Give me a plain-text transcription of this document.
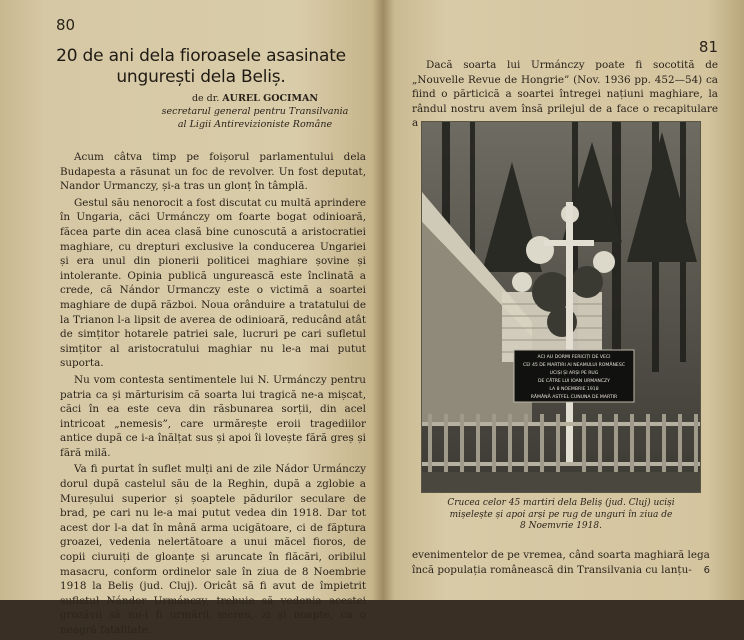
80
20 de ani dela fioroasele asasinate
ungurești dela Beliș.
de dr. AUREL GOCIMAN
secretarul general pentru Transilvania
al Ligii Antirevizioniste Române

Acum câtva timp pe foișorul parlamentului dela Budapesta a răsunat un foc de revolver. Un fost deputat, Nandor Urmanczy, și-a tras un glonț în tâmplă.

Gestul său nenorocit a fost discutat cu multă aprindere în Ungaria, căci Urmánczy om foarte bogat odinioară, făcea parte din acea clasă bine cunoscută a aristocratiei maghiare, cu drepturi exclusive la conducerea Ungariei și era unul din pionerii politicei maghiare șovine și intolerante. Opinia publică ungurească este înclinată a crede, că Nándor Urmanczy este o victimă a soartei maghiare de după război. Noua orânduire a tratatului de la Trianon l-a lipsit de averea de odinioară, reducând atât de simțitor hotarele patriei sale, lucruri pe cari sufletul simțitor al aristocratului maghiar nu le-a mai putut suporta.

Nu vom contesta sentimentele lui N. Urmánczy pentru patria ca și mărturisim că soarta lui tragică ne-a mișcat, căci în ea este ceva din răsbunarea sorții, din acel intricoat „nemesis”, care urmărește eroii tragediilor antice după ce i-a înălțat sus și apoi îi lovește fără greș și fără milă.

Va fi purtat în suflet mulți ani de zile Nádor Urmánczy dorul după castelul său de la Reghin, după a zglobie a Mureșului superior și șoaptele pădurilor seculare de brad, pe cari nu le-a mai putut vedea din 1918. Dar tot acest dor l-a dat în mână arma ucigătoare, ci de făptura groazei, vedenia nelertătoare a unui măcel fioros, de copii ciuruiți de gloanțe și aruncate în flăcări, oribilul masacru, conform ordinelor sale în ziua de 8 Noembrie 1918 la Beliș (jud. Cluj). Oricât să fi avut de împietrit sufletul Nándor Urmánczy, trebuie să vedenia acestei grozăvii să nu-l fi urmărit mereu, zi și noapte, ca o neagră fatalitate.

81

Dacă soarta lui Urmánczy poate fi socotită de „Nouvelle Revue de Hongrie” (Nov. 1936 pp. 452—54) ca fiind o părticică a soartei întregei națiuni maghiare, la rândul nostru avem însă prilejul de a face o recapitulare a

ACI AU DORMI FERICIȚI DE VECI
CEI 45 DE MARTIRI AI NEAMULUI ROMÂNESC
UCIȘI ȘI ARȘI PE RUG
DE CĂTRE LUI IOAN URMANCZY
LA 8 NOEMBRIE 1918
RĂMÂNĂ ASTFEL CUNUNA DE MARTIR
Crucea celor 45 martiri dela Beliș (jud. Cluj) uciși
mișelește și apoi arși pe rug de unguri în ziua de
8 Noemvrie 1918.

evenimentelor de pe vremea, când soarta maghiară lega

încă populația românească din Transilvania cu lanțu-	6
